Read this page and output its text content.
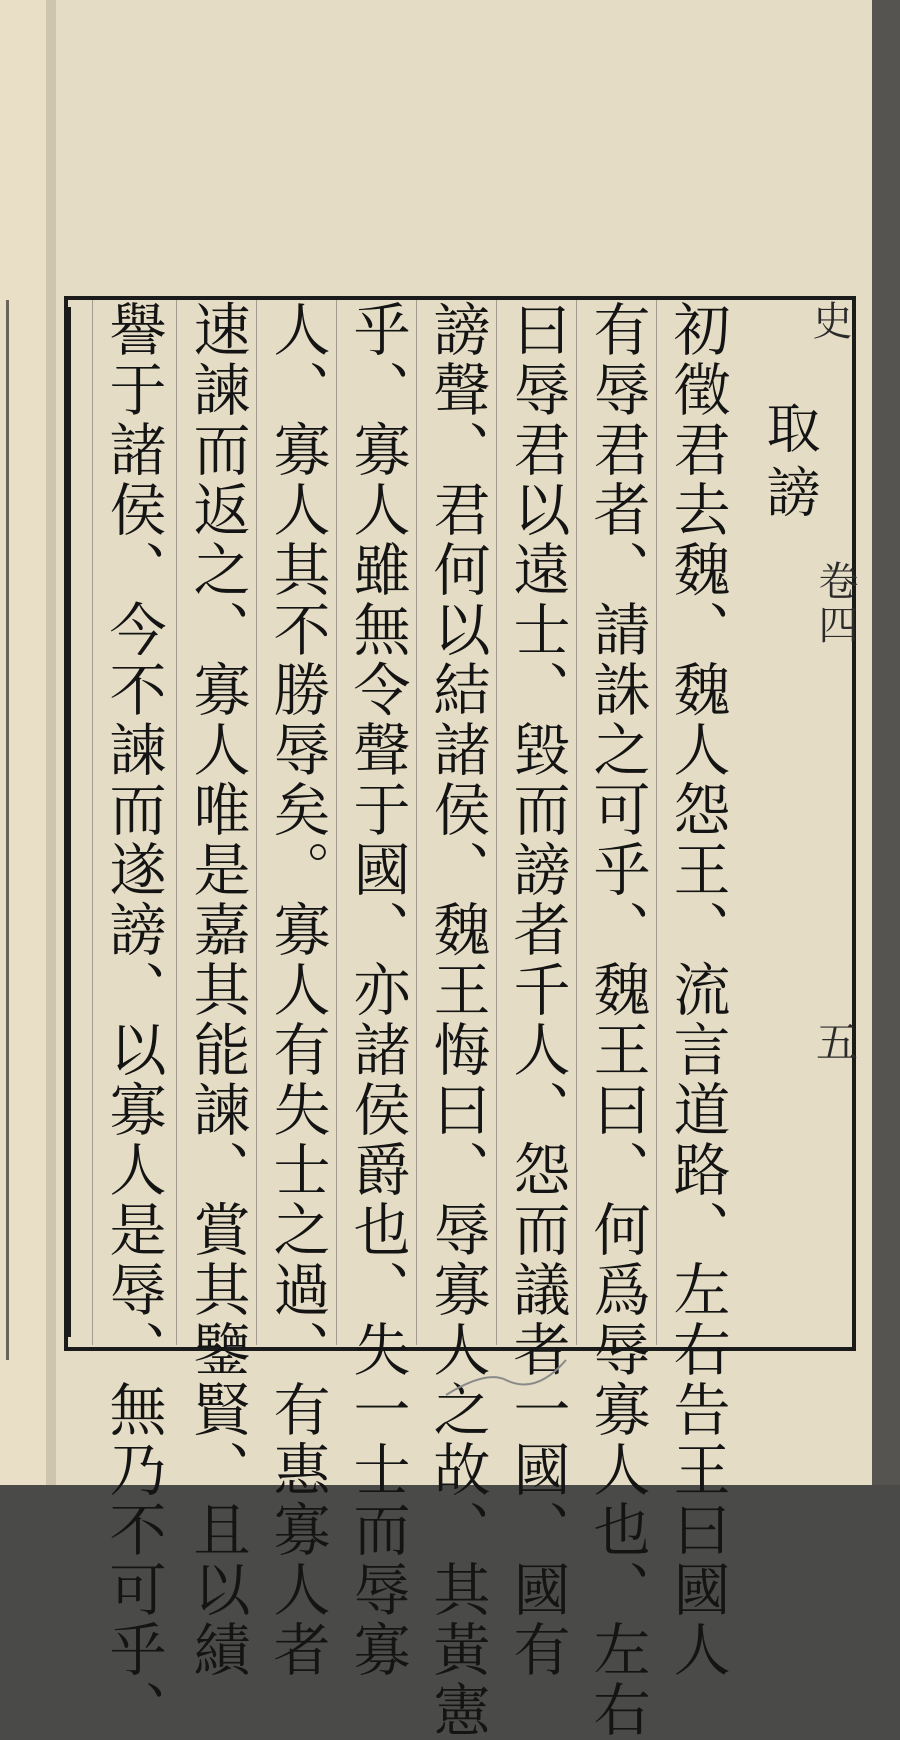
史
卷四
五
取謗
初徵君去魏、魏人怨王、流言道路、左右告王曰國人
有辱君者、請誅之可乎、魏王曰、何爲辱寡人也、左右
曰辱君以遠士、毀而謗者千人、怨而議者一國、國有
謗聲、君何以結諸侯、魏王悔曰、辱寡人之故、其黃憲
乎、寡人雖無令聲于國、亦諸侯爵也、失一士而辱寡
人、寡人其不勝辱矣。寡人有失士之過、有惠寡人者
速諫而返之、寡人唯是嘉其能諫、賞其鑒賢、且以績
譽于諸侯、今不諫而遂謗、以寡人是辱、無乃不可乎、
